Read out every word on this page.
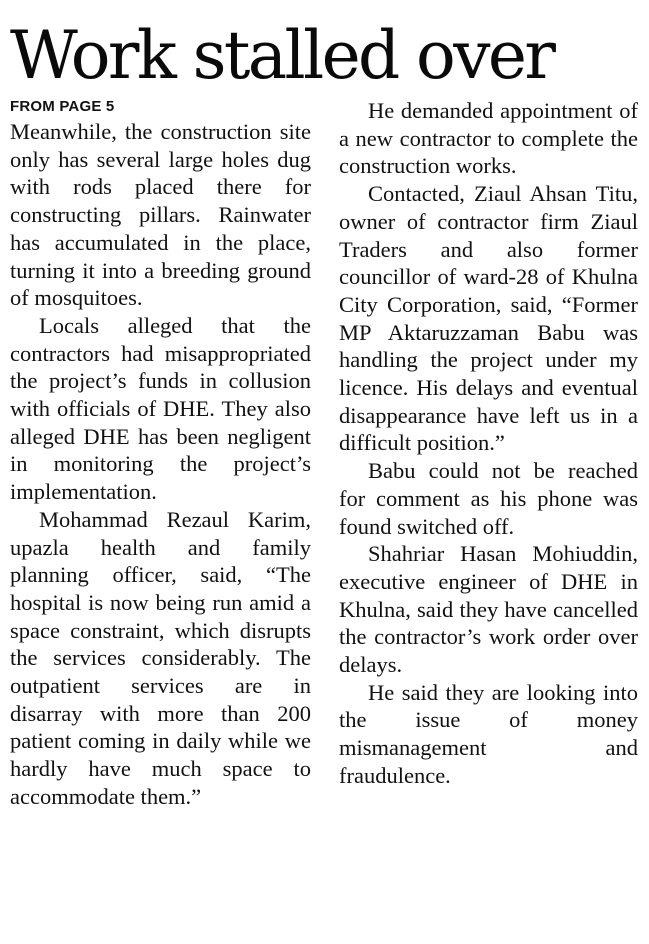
Work stalled over
FROM PAGE 5

Meanwhile, the construction site only has several large holes dug with rods placed there for constructing pillars. Rainwater has accumulated in the place, turning it into a breeding ground of mosquitoes.

Locals alleged that the contractors had misappropriated the project’s funds in collusion with officials of DHE. They also alleged DHE has been negligent in monitoring the project’s implementation.

Mohammad Rezaul Karim, upazla health and family planning officer, said, “The hospital is now being run amid a space constraint, which disrupts the services considerably. The outpatient services are in disarray with more than 200 patient coming in daily while we hardly have much space to accommodate them.”

He demanded appointment of a new contractor to complete the construction works.

Contacted, Ziaul Ahsan Titu, owner of contractor firm Ziaul Traders and also former councillor of ward-28 of Khulna City Corporation, said, “Former MP Aktaruzzaman Babu was handling the project under my licence. His delays and eventual disappearance have left us in a difficult position.”

Babu could not be reached for comment as his phone was found switched off.

Shahriar Hasan Mohiuddin, executive engineer of DHE in Khulna, said they have cancelled the contractor’s work order over delays.

He said they are looking into the issue of money mismanagement and fraudulence.
